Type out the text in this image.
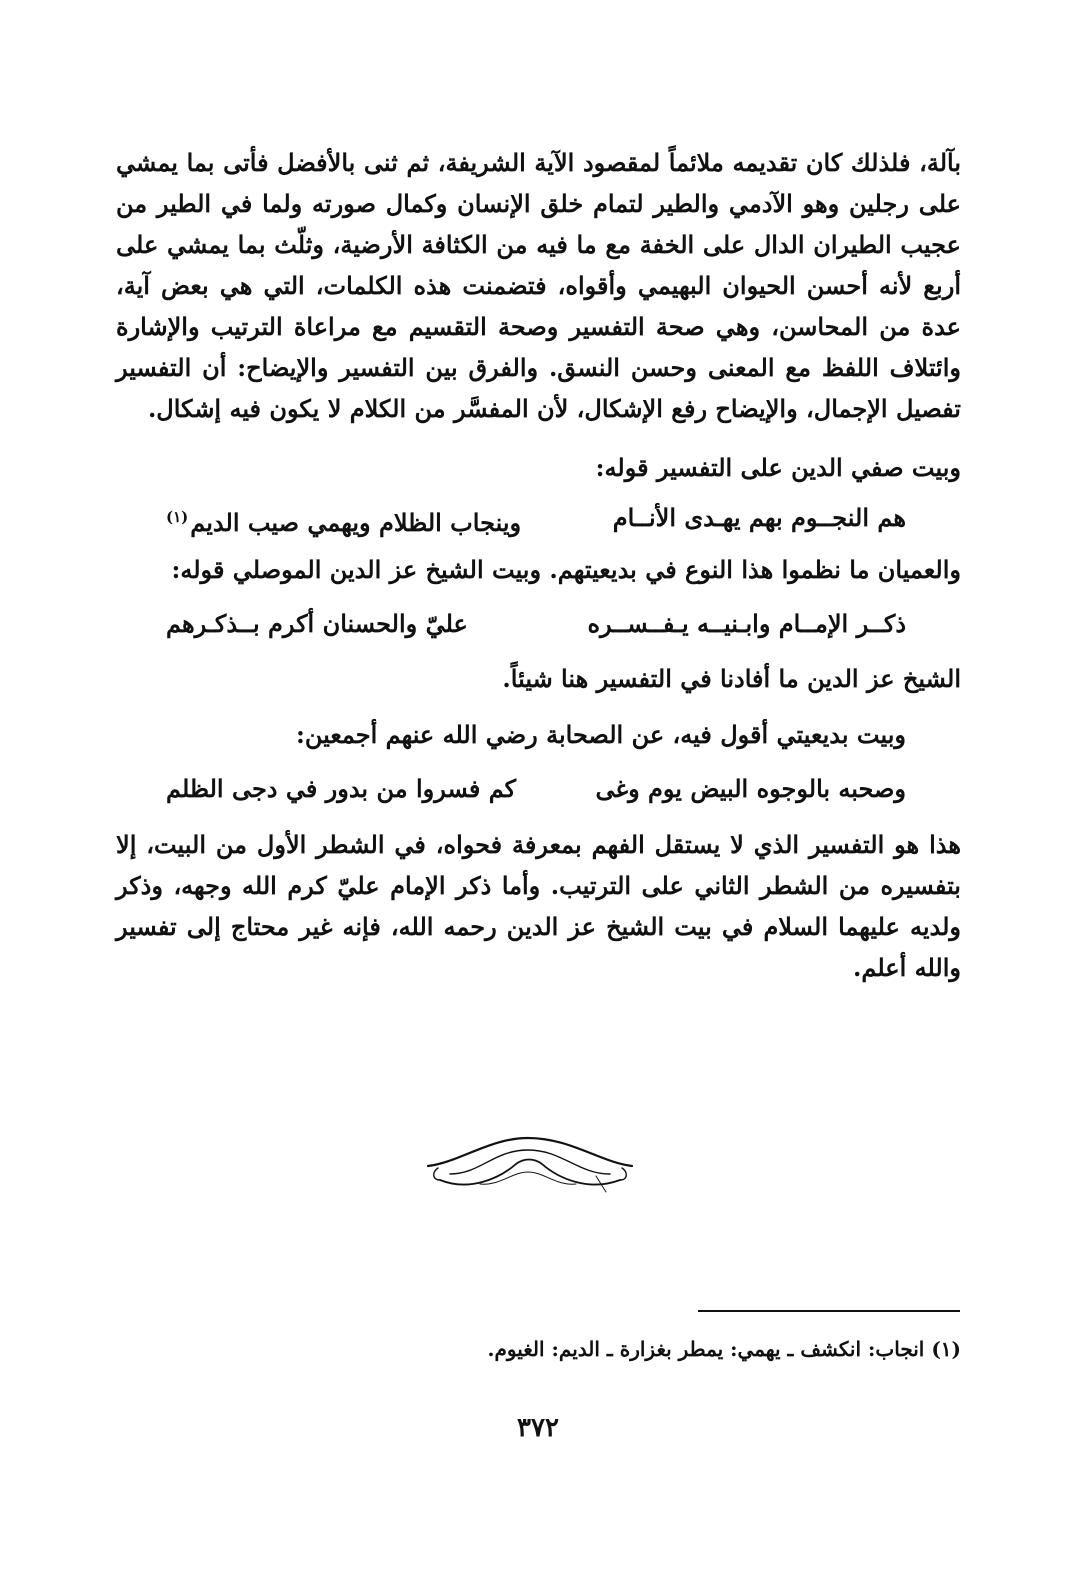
بآلة، فلذلك كان تقديمه ملائماً لمقصود الآية الشريفة، ثم ثنى بالأفضل فأتى بما يمشي على رجلين وهو الآدمي والطير لتمام خلق الإنسان وكمال صورته ولما في الطير من عجيب الطيران الدال على الخفة مع ما فيه من الكثافة الأرضية، وثلّث بما يمشي على أربع لأنه أحسن الحيوان البهيمي وأقواه، فتضمنت هذه الكلمات، التي هي بعض آية، عدة من المحاسن، وهي صحة التفسير وصحة التقسيم مع مراعاة الترتيب والإشارة وائتلاف اللفظ مع المعنى وحسن النسق. والفرق بين التفسير والإيضاح: أن التفسير تفصيل الإجمال، والإيضاح رفع الإشكال، لأن المفسَّر من الكلام لا يكون فيه إشكال.
وبيت صفي الدين على التفسير قوله:
هم النجــوم بهم يهـدى الأنــام
وينجاب الظلام ويهمي صيب الديم$^{(١)}$
والعميان ما نظموا هذا النوع في بديعيتهم. وبيت الشيخ عز الدين الموصلي قوله:
ذكــر الإمــام وابـنيــه يـفــســره
عليّ والحسنان أكرم بــذكـرهم
الشيخ عز الدين ما أفادنا في التفسير هنا شيئاً.
وبيت بديعيتي أقول فيه، عن الصحابة رضي الله عنهم أجمعين:
وصحبه بالوجوه البيض يوم وغى
كم فسروا من بدور في دجى الظلم
هذا هو التفسير الذي لا يستقل الفهم بمعرفة فحواه، في الشطر الأول من البيت، إلا بتفسيره من الشطر الثاني على الترتيب. وأما ذكر الإمام عليّ كرم الله وجهه، وذكر ولديه عليهما السلام في بيت الشيخ عز الدين رحمه الله، فإنه غير محتاج إلى تفسير والله أعلم.
(١) انجاب: انكشف ـ يهمي: يمطر بغزارة ـ الديم: الغيوم.
٣٧٢
